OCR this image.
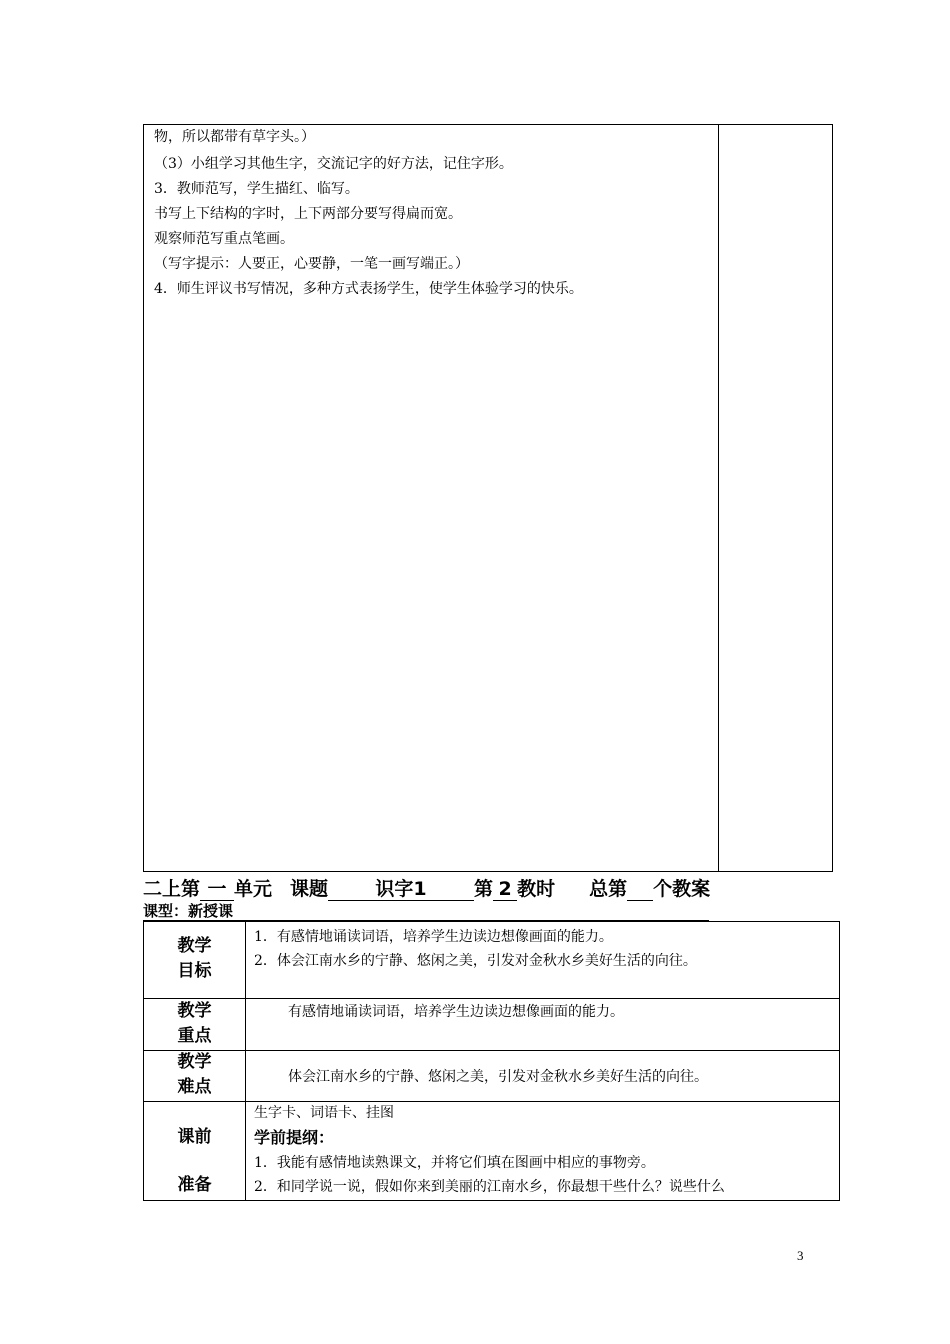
物，所以都带有草字头。）
（3）小组学习其他生字，交流记字的好方法，记住字形。
3．教师范写，学生描红、临写。
书写上下结构的字时，上下两部分要写得扁而宽。
观察师范写重点笔画。
（写字提示：人要正，心要静，一笔一画写端正。）
4．师生评议书写情况，多种方式表扬学生，使学生体验学习的快乐。
二上第 一 单元 课题 识字1 第 2 教时 总第 个教案
课型：新授课
教学
目标
1．有感情地诵读词语，培养学生边读边想像画面的能力。
2．体会江南水乡的宁静、悠闲之美，引发对金秋水乡美好生活的向往。
教学
重点
有感情地诵读词语，培养学生边读边想像画面的能力。
教学
难点	体会江南水乡的宁静、悠闲之美，引发对金秋水乡美好生活的向往。
课前
准备
生字卡、词语卡、挂图
学前提纲：
1．我能有感情地读熟课文，并将它们填在图画中相应的事物旁。
2．和同学说一说，假如你来到美丽的江南水乡，你最想干些什么？说些什么
3
